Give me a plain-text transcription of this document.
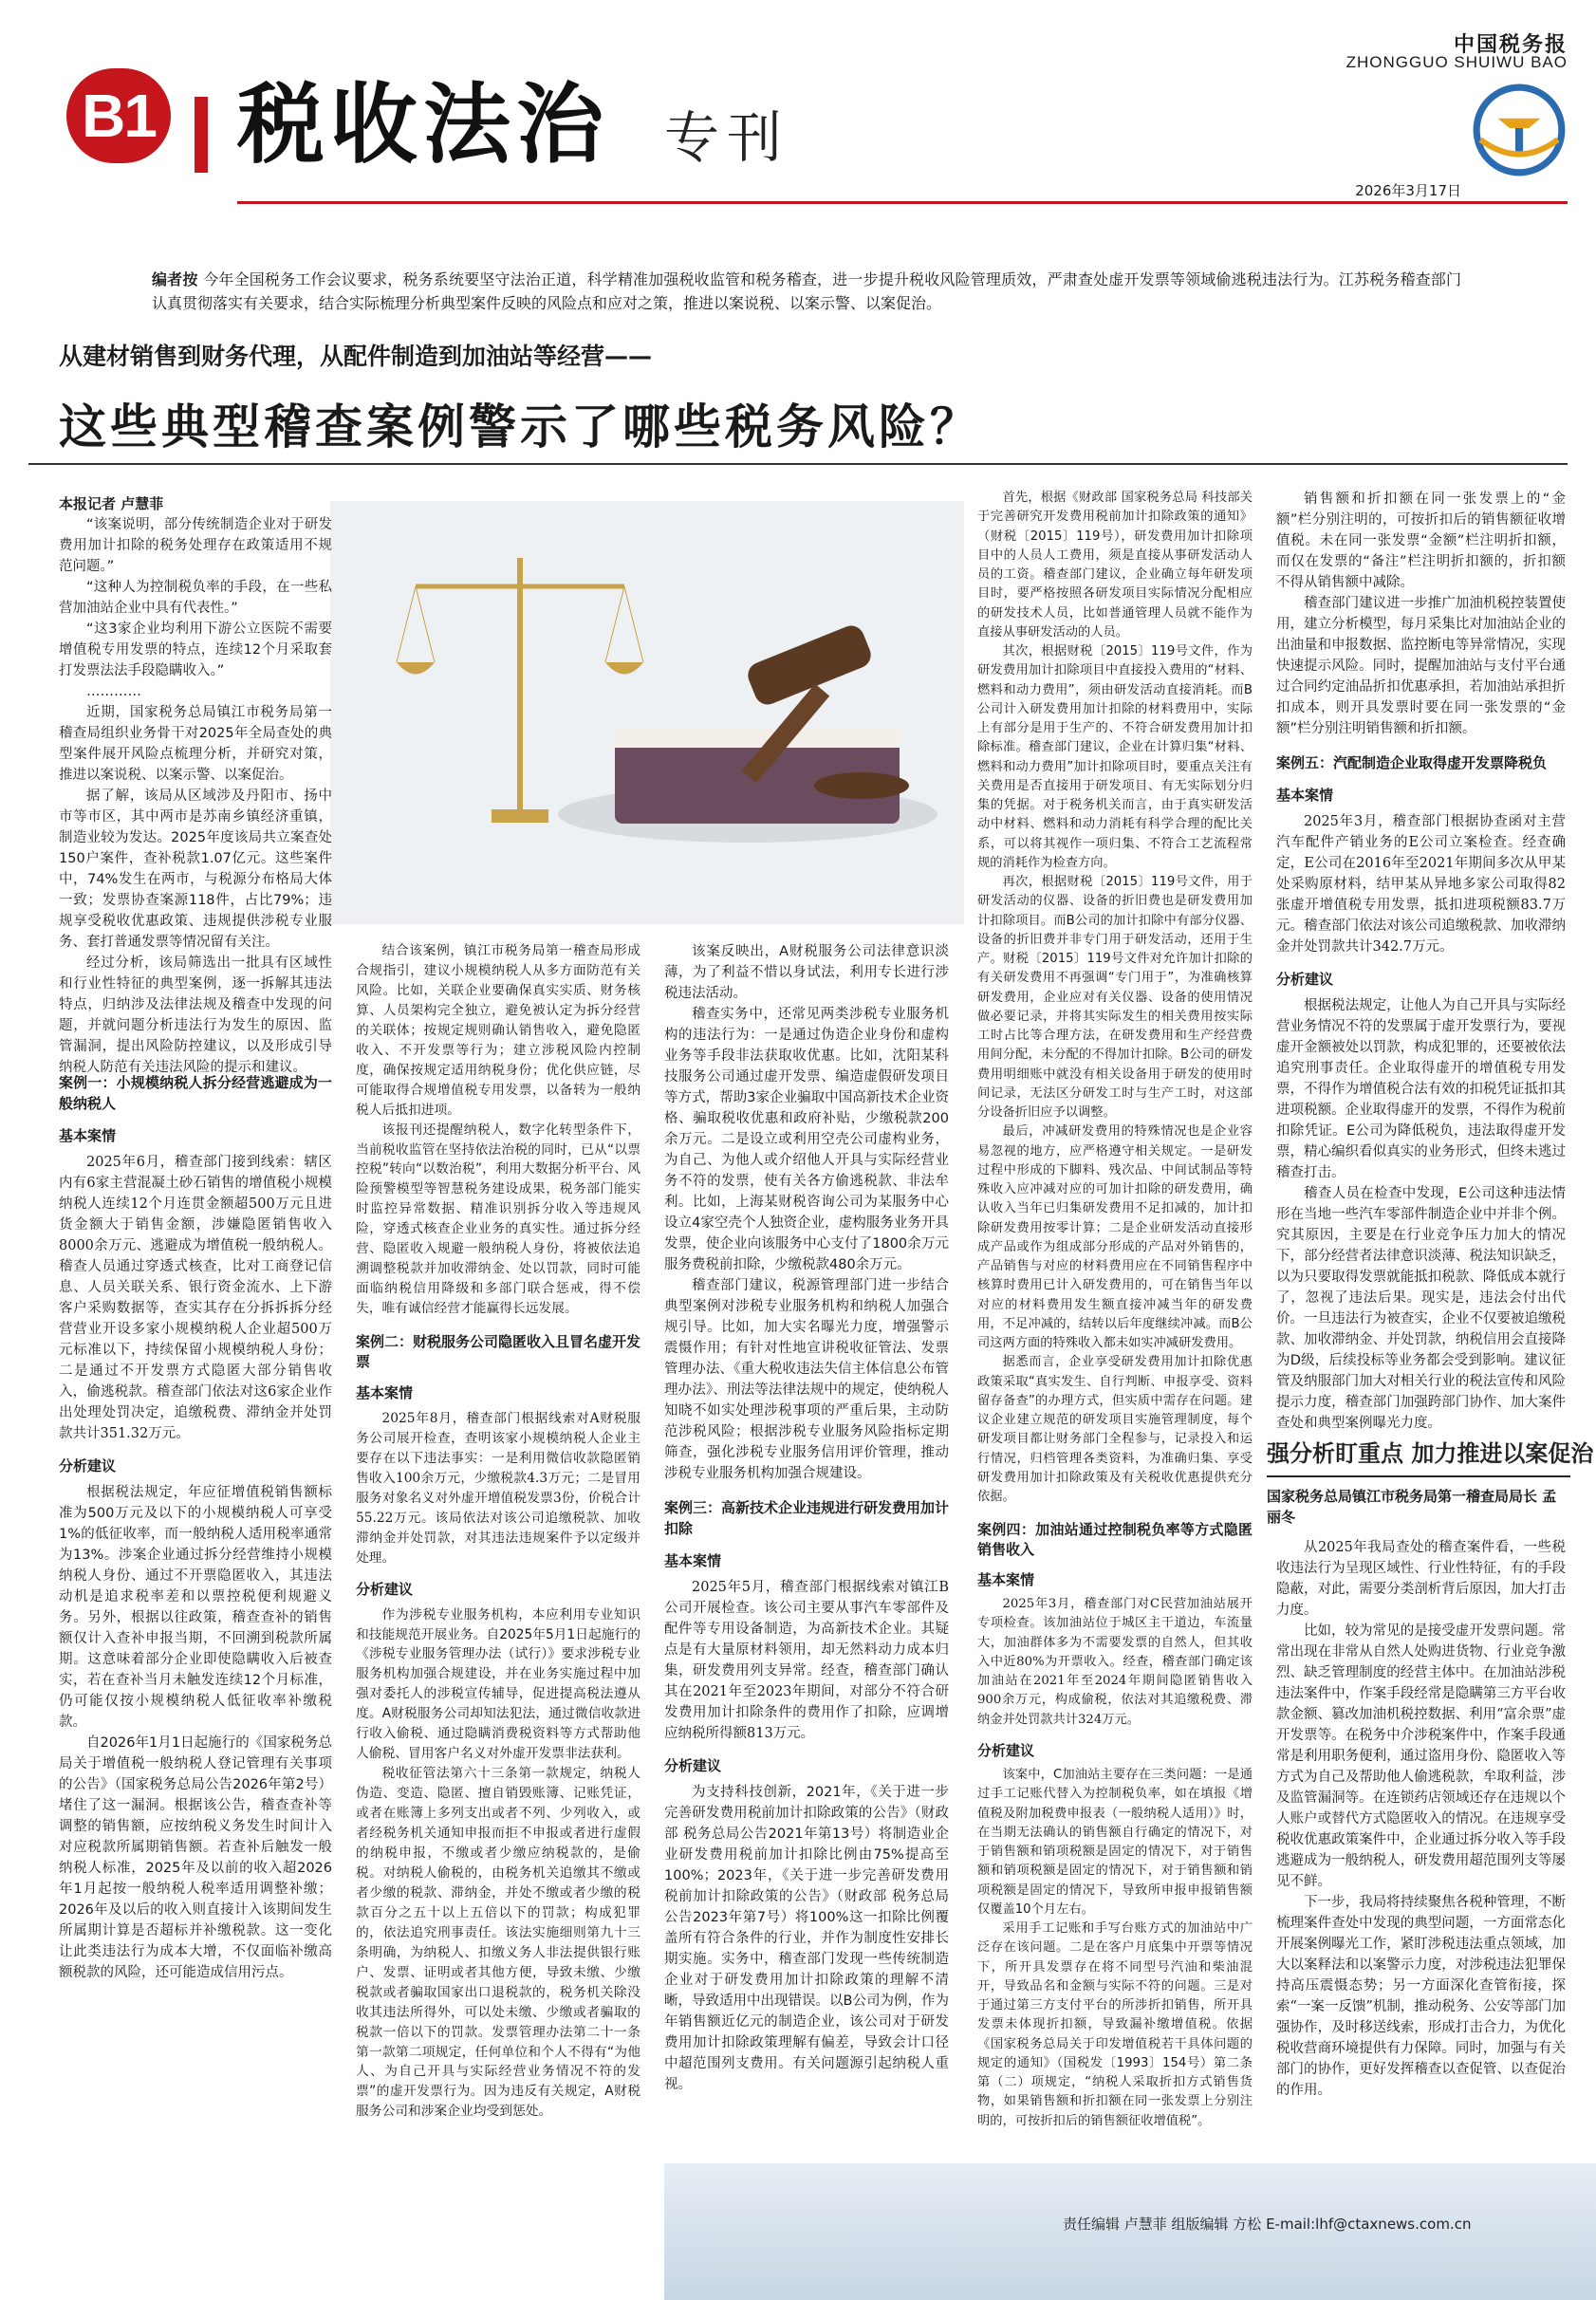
B1 税收法治 专刊
中国税务报
ZHONGGUO SHUIWU BAO
2026年3月17日
编者按 今年全国税务工作会议要求，税务系统要坚守法治正道，科学精准加强税收监管和税务稽查，进一步提升税收风险管理质效，严肃查处虚开发票等领域偷逃税违法行为。江苏税务稽查部门认真贯彻落实有关要求，结合实际梳理分析典型案件反映的风险点和应对之策，推进以案说税、以案示警、以案促治。
从建材销售到财务代理，从配件制造到加油站等经营——
这些典型稽查案例警示了哪些税务风险？

本报记者 卢慧菲

“该案说明，部分传统制造企业对于研发费用加计扣除的税务处理存在政策适用不规范问题。”

“这种人为控制税负率的手段，在一些私营加油站企业中具有代表性。”

“这3家企业均利用下游公立医院不需要增值税专用发票的特点，连续12个月采取套打发票法法手段隐瞒收入。”

…………

近期，国家税务总局镇江市税务局第一稽查局组织业务骨干对2025年全局查处的典型案件展开风险点梳理分析，并研究对策，推进以案说税、以案示警、以案促治。

据了解，该局从区域涉及丹阳市、扬中市等市区，其中两市是苏南乡镇经济重镇，制造业较为发达。2025年度该局共立案查处150户案件，查补税款1.07亿元。这些案件中，74%发生在两市，与税源分布格局大体一致；发票协查案源118件，占比79%；违规享受税收优惠政策、违规提供涉税专业服务、套打普通发票等情况留有关注。

经过分析，该局筛选出一批具有区域性和行业性特征的典型案例，逐一拆解其违法特点，归纳涉及法律法规及稽查中发现的问题，并就问题分析违法行为发生的原因、监管漏洞，提出风险防控建议，以及形成引导纳税人防范有关违法风险的提示和建议。

案例一：小规模纳税人拆分经营逃避成为一般纳税人
基本案情

2025年6月，稽查部门接到线索：辖区内有6家主营混凝土砂石销售的增值税小规模纳税人连续12个月连贯金额超500万元且进货金额大于销售金额，涉嫌隐匿销售收入8000余万元、逃避成为增值税一般纳税人。稽查人员通过穿透式核查，比对工商登记信息、人员关联关系、银行资金流水、上下游客户采购数据等，查实其存在分拆拆拆分经营营业开设多家小规模纳税人企业超500万元标准以下，持续保留小规模纳税人身份；二是通过不开发票方式隐匿大部分销售收入，偷逃税款。稽查部门依法对这6家企业作出处理处罚决定，追缴税费、滞纳金并处罚款共计351.32万元。

分析建议

根据税法规定，年应征增值税销售额标准为500万元及以下的小规模纳税人可享受1%的低征收率，而一般纳税人适用税率通常为13%。涉案企业通过拆分经营维持小规模纳税人身份、通过不开票隐匿收入，其违法动机是追求税率差和以票控税便利规避义务。另外，根据以往政策，稽查查补的销售额仅计入查补申报当期，不回溯到税款所属期。这意味着部分企业即使隐瞒收入后被查实，若在查补当月未触发连续12个月标准，仍可能仅按小规模纳税人低征收率补缴税款。

自2026年1月1日起施行的《国家税务总局关于增值税一般纳税人登记管理有关事项的公告》（国家税务总局公告2026年第2号）堵住了这一漏洞。根据该公告，稽查查补等调整的销售额，应按纳税义务发生时间计入对应税款所属期销售额。若查补后触发一般纳税人标准，2025年及以前的收入超2026年1月起按一般纳税人税率适用调整补缴；2026年及以后的收入则直接计入该期间发生所属期计算是否超标并补缴税款。这一变化让此类违法行为成本大增，不仅面临补缴高额税款的风险，还可能造成信用污点。

结合该案例，镇江市税务局第一稽查局形成合规指引，建议小规模纳税人从多方面防范有关风险。比如，关联企业要确保真实实质、财务核算、人员架构完全独立，避免被认定为拆分经营的关联体；按规定规则确认销售收入，避免隐匿收入、不开发票等行为；建立涉税风险内控制度，确保按规定适用纳税身份；优化供应链，尽可能取得合规增值税专用发票，以备转为一般纳税人后抵扣进项。

该报刊还提醒纳税人，数字化转型条件下，当前税收监管在坚持依法治税的同时，已从“以票控税”转向“以数治税”，利用大数据分析平台、风险预警模型等智慧税务建设成果，税务部门能实时监控异常数据、精准识别拆分收入等违规风险，穿透式核查企业业务的真实性。通过拆分经营、隐匿收入规避一般纳税人身份，将被依法追溯调整税款并加收滞纳金、处以罚款，同时可能面临纳税信用降级和多部门联合惩戒，得不偿失，唯有诚信经营才能赢得长远发展。

案例二：财税服务公司隐匿收入且冒名虚开发票
基本案情

2025年8月，稽查部门根据线索对A财税服务公司展开检查，查明该家小规模纳税人企业主要存在以下违法事实：一是利用微信收款隐匿销售收入100余万元，少缴税款4.3万元；二是冒用服务对象名义对外虚开增值税发票3份，价税合计55.22万元。该局依法对该公司追缴税款、加收滞纳金并处罚款，对其违法违规案件予以定级并处理。

分析建议

作为涉税专业服务机构，本应利用专业知识和技能规范开展业务。自2025年5月1日起施行的《涉税专业服务管理办法（试行）》要求涉税专业服务机构加强合规建设，并在业务实施过程中加强对委托人的涉税宣传辅导，促进提高税法遵从度。A财税服务公司却知法犯法，通过微信收款进行收入偷税、通过隐瞒消费税资料等方式帮助他人偷税、冒用客户名义对外虚开发票非法获利。

税收征管法第六十三条第一款规定，纳税人伪造、变造、隐匿、擅自销毁账簿、记账凭证，或者在账簿上多列支出或者不列、少列收入，或者经税务机关通知申报而拒不申报或者进行虚假的纳税申报，不缴或者少缴应纳税款的，是偷税。对纳税人偷税的，由税务机关追缴其不缴或者少缴的税款、滞纳金，并处不缴或者少缴的税款百分之五十以上五倍以下的罚款；构成犯罪的，依法追究刑事责任。该法实施细则第九十三条明确，为纳税人、扣缴义务人非法提供银行账户、发票、证明或者其他方便，导致未缴、少缴税款或者骗取国家出口退税款的，税务机关除没收其违法所得外，可以处未缴、少缴或者骗取的税款一倍以下的罚款。发票管理办法第二十一条第一款第二项规定，任何单位和个人不得有“为他人、为自己开具与实际经营业务情况不符的发票”的虚开发票行为。因为违反有关规定，A财税服务公司和涉案企业均受到惩处。

该案反映出，A财税服务公司法律意识淡薄，为了利益不惜以身试法，利用专长进行涉税违法活动。

稽查实务中，还常见两类涉税专业服务机构的违法行为：一是通过伪造企业身份和虚构业务等手段非法获取收优惠。比如，沈阳某科技服务公司通过虚开发票、编造虚假研发项目等方式，帮助3家企业骗取中国高新技术企业资格、骗取税收优惠和政府补贴，少缴税款200余万元。二是设立或利用空壳公司虚构业务，为自己、为他人或介绍他人开具与实际经营业务不符的发票，使有关各方偷逃税款、非法牟利。比如，上海某财税咨询公司为某服务中心设立4家空壳个人独资企业，虚构服务业务开具发票，使企业向该服务中心支付了1800余万元服务费税前扣除，少缴税款480余万元。

稽查部门建议，税源管理部门进一步结合典型案例对涉税专业服务机构和纳税人加强合规引导。比如，加大实名曝光力度，增强警示震慑作用；有针对性地宣讲税收征管法、发票管理办法、《重大税收违法失信主体信息公布管理办法》、刑法等法律法规中的规定，使纳税人知晓不如实处理涉税事项的严重后果，主动防范涉税风险；根据涉税专业服务风险指标定期筛查，强化涉税专业服务信用评价管理，推动涉税专业服务机构加强合规建设。

案例三：高新技术企业违规进行研发费用加计扣除
基本案情

2025年5月，稽查部门根据线索对镇江B公司开展检查。该公司主要从事汽车零部件及配件等专用设备制造，为高新技术企业。其疑点是有大量原材料领用，却无然料动力成本归集，研发费用列支异常。经查，稽查部门确认其在2021年至2023年期间，对部分不符合研发费用加计扣除条件的费用作了扣除，应调增应纳税所得额813万元。

分析建议

为支持科技创新，2021年，《关于进一步完善研发费用税前加计扣除政策的公告》（财政部 税务总局公告2021年第13号）将制造业企业研发费用税前加计扣除比例由75%提高至100%；2023年，《关于进一步完善研发费用税前加计扣除政策的公告》（财政部 税务总局公告2023年第7号）将100%这一扣除比例覆盖所有符合条件的行业，并作为制度性安排长期实施。实务中，稽查部门发现一些传统制造企业对于研发费用加计扣除政策的理解不清晰，导致适用中出现错误。以B公司为例，作为年销售额近亿元的制造企业，该公司对于研发费用加计扣除政策理解有偏差，导致会计口径中超范围列支费用。有关问题源引起纳税人重视。

首先，根据《财政部 国家税务总局 科技部关于完善研究开发费用税前加计扣除政策的通知》（财税〔2015〕119号），研发费用加计扣除项目中的人员人工费用，须是直接从事研发活动人员的工资。稽查部门建议，企业确立每年研发项目时，要严格按照各研发项目实际情况分配相应的研发技术人员，比如普通管理人员就不能作为直接从事研发活动的人员。

其次，根据财税〔2015〕119号文件，作为研发费用加计扣除项目中直接投入费用的“材料、燃料和动力费用”，须由研发活动直接消耗。而B公司计入研发费用加计扣除的材料费用中，实际上有部分是用于生产的、不符合研发费用加计扣除标准。稽查部门建议，企业在计算归集“材料、燃料和动力费用”加计扣除项目时，要重点关注有关费用是否直接用于研发项目、有无实际划分归集的凭据。对于税务机关而言，由于真实研发活动中材料、燃料和动力消耗有科学合理的配比关系，可以将其视作一项归集、不符合工艺流程常规的消耗作为检查方向。

再次，根据财税〔2015〕119号文件，用于研发活动的仪器、设备的折旧费也是研发费用加计扣除项目。而B公司的加计扣除中有部分仪器、设备的折旧费并非专门用于研发活动，还用于生产。财税〔2015〕119号文件对允许加计扣除的有关研发费用不再强调“专门用于”，为准确核算研发费用，企业应对有关仪器、设备的使用情况做必要记录，并将其实际发生的相关费用按实际工时占比等合理方法，在研发费用和生产经营费用间分配，未分配的不得加计扣除。B公司的研发费用明细账中就没有相关设备用于研发的使用时间记录，无法区分研发工时与生产工时，对这部分设备折旧应予以调整。

最后，冲减研发费用的特殊情况也是企业容易忽视的地方，应严格遵守相关规定。一是研发过程中形成的下脚料、残次品、中间试制品等特殊收入应冲减对应的可加计扣除的研发费用，确认收入当年已归集研发费用不足扣减的，加计扣除研发费用按零计算；二是企业研发活动直接形成产品或作为组成部分形成的产品对外销售的，产品销售与对应的材料费用应在不同销售程序中核算时费用已计入研发费用的，可在销售当年以对应的材料费用发生额直接冲减当年的研发费用，不足冲减的，结转以后年度继续冲减。而B公司这两方面的特殊收入都未如实冲减研发费用。

据悉而言，企业享受研发费用加计扣除优惠政策采取“真实发生、自行判断、申报享受、资料留存备查”的办理方式，但实质中需存在问题。建议企业建立规范的研发项目实施管理制度，每个研发项目都让财务部门全程参与，记录投入和运行情况，归档管理各类资料，为准确归集、享受研发费用加计扣除政策及有关税收优惠提供充分依据。

案例四：加油站通过控制税负率等方式隐匿销售收入
基本案情

2025年3月，稽查部门对C民营加油站展开专项检查。该加油站位于城区主干道边，车流量大，加油群体多为不需要发票的自然人，但其收入中近80%为开票收入。经查，稽查部门确定该加油站在2021年至2024年期间隐匿销售收入900余万元，构成偷税，依法对其追缴税费、滞纳金并处罚款共计324万元。

分析建议

该案中，C加油站主要存在三类问题：一是通过手工记账代替入为控制税负率，如在填报《增值税及附加税费申报表（一般纳税人适用）》时，在当期无法确认的销售额自行确定的情况下，对于销售额和销项税额是固定的情况下，对于销售额和销项税额是固定的情况下，对于销售额和销项税额是固定的情况下，导致所申报申报销售额仅覆盖10个月左右。

采用手工记账和手写台账方式的加油站中广泛存在该问题。二是在客户月底集中开票等情况下，所开具发票存在将不同型号汽油和柴油混开，导致品名和金额与实际不符的问题。三是对于通过第三方支付平台的所涉折扣销售，所开具发票未体现折扣额，导致漏补缴增值税。依据《国家税务总局关于印发增值税若干具体问题的规定的通知》（国税发〔1993〕154号）第二条第（二）项规定，“纳税人采取折扣方式销售货物，如果销售额和折扣额在同一张发票上分别注明的，可按折扣后的销售额征收增值税”。

销售额和折扣额在同一张发票上的“金额”栏分别注明的，可按折扣后的销售额征收增值税。未在同一张发票“金额”栏注明折扣额，而仅在发票的“备注”栏注明折扣额的，折扣额不得从销售额中减除。

稽查部门建议进一步推广加油机税控装置使用，建立分析模型，每月采集比对加油站企业的出油量和申报数据、监控断电等异常情况，实现快速提示风险。同时，提醒加油站与支付平台通过合同约定油品折扣优惠承担，若加油站承担折扣成本，则开具发票时要在同一张发票的“金额”栏分别注明销售额和折扣额。

案例五：汽配制造企业取得虚开发票降税负
基本案情

2025年3月，稽查部门根据协查函对主营汽车配件产销业务的E公司立案检查。经查确定，E公司在2016年至2021年期间多次从甲某处采购原材料，结甲某从异地多家公司取得82张虚开增值税专用发票，抵扣进项税额83.7万元。稽查部门依法对该公司追缴税款、加收滞纳金并处罚款共计342.7万元。

分析建议

根据税法规定，让他人为自己开具与实际经营业务情况不符的发票属于虚开发票行为，要视虚开金额被处以罚款，构成犯罪的，还要被依法追究刑事责任。企业取得虚开的增值税专用发票，不得作为增值税合法有效的扣税凭证抵扣其进项税额。企业取得虚开的发票，不得作为税前扣除凭证。E公司为降低税负，违法取得虚开发票，精心编织看似真实的业务形式，但终未逃过稽查打击。

稽查人员在检查中发现，E公司这种违法情形在当地一些汽车零部件制造企业中并非个例。究其原因，主要是在行业竞争压力加大的情况下，部分经营者法律意识淡薄、税法知识缺乏，以为只要取得发票就能抵扣税款、降低成本就行了，忽视了违法后果。现实是，违法会付出代价。一旦违法行为被查实，企业不仅要被追缴税款、加收滞纳金、并处罚款，纳税信用会直接降为D级，后续投标等业务都会受到影响。建议征管及纳服部门加大对相关行业的税法宣传和风险提示力度，稽查部门加强跨部门协作、加大案件查处和典型案例曝光力度。

强分析盯重点 加力推进以案促治
国家税务总局镇江市税务局第一稽查局局长 孟丽冬

从2025年我局查处的稽查案件看，一些税收违法行为呈现区域性、行业性特征，有的手段隐蔽，对此，需要分类剖析背后原因，加大打击力度。

比如，较为常见的是接受虚开发票问题。常常出现在非常从自然人处购进货物、行业竞争激烈、缺乏管理制度的经营主体中。在加油站涉税违法案件中，作案手段经常是隐瞒第三方平台收款金额、篡改加油机税控数据、利用“富余票”虚开发票等。在税务中介涉税案件中，作案手段通常是利用职务便利，通过盗用身份、隐匿收入等方式为自己及帮助他人偷逃税款，牟取利益，涉及监管漏洞等。在连锁药店领域还存在违规以个人账户或替代方式隐匿收入的情况。在违规享受税收优惠政策案件中，企业通过拆分收入等手段逃避成为一般纳税人，研发费用超范围列支等屡见不鲜。

下一步，我局将持续聚焦各税种管理，不断梳理案件查处中发现的典型问题，一方面常态化开展案例曝光工作，紧盯涉税违法重点领域，加大以案释法和以案警示力度，对涉税违法犯罪保持高压震慑态势；另一方面深化查管衔接，探索“一案一反馈”机制，推动税务、公安等部门加强协作，及时移送线索，形成打击合力，为优化税收营商环境提供有力保障。同时，加强与有关部门的协作，更好发挥稽查以查促管、以查促治的作用。

责任编辑 卢慧菲 组版编辑 方松 E-mail:lhf@ctaxnews.com.cn
